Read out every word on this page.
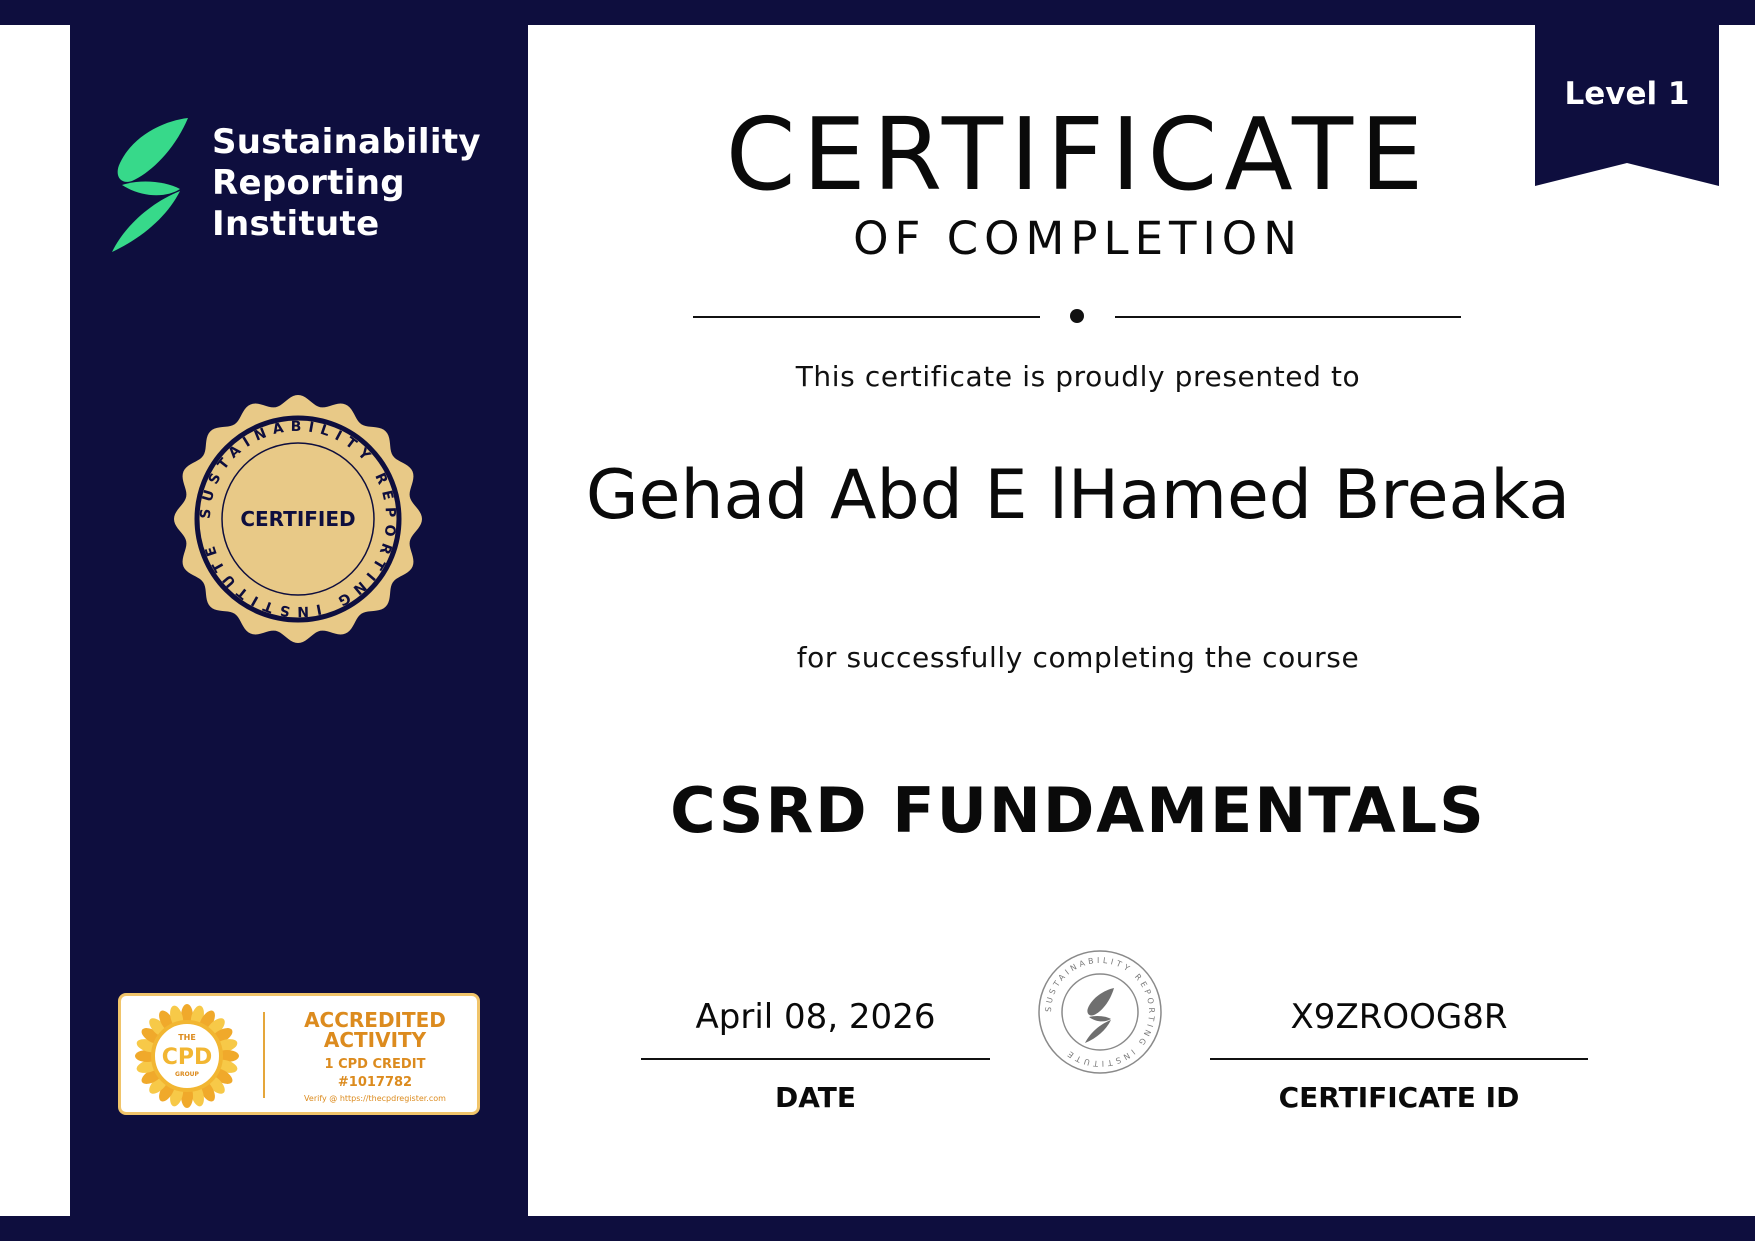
Sustainability
Reporting
Institute
SUSTAINABILITY REPORTING INSTITUTE
CERTIFIED
THE
CPD
GROUP
ACCREDITED
ACTIVITY
1 CPD CREDIT
#1017782
Verify @ https://thecpdregister.com
Level 1
CERTIFICATE
OF COMPLETION
This certificate is proudly presented to
Gehad Abd E lHamed Breaka
for successfully completing the course
CSRD FUNDAMENTALS
April 08, 2026
DATE
SUSTAINABILITY REPORTING INSTITUTE
X9ZROOG8R
CERTIFICATE ID
